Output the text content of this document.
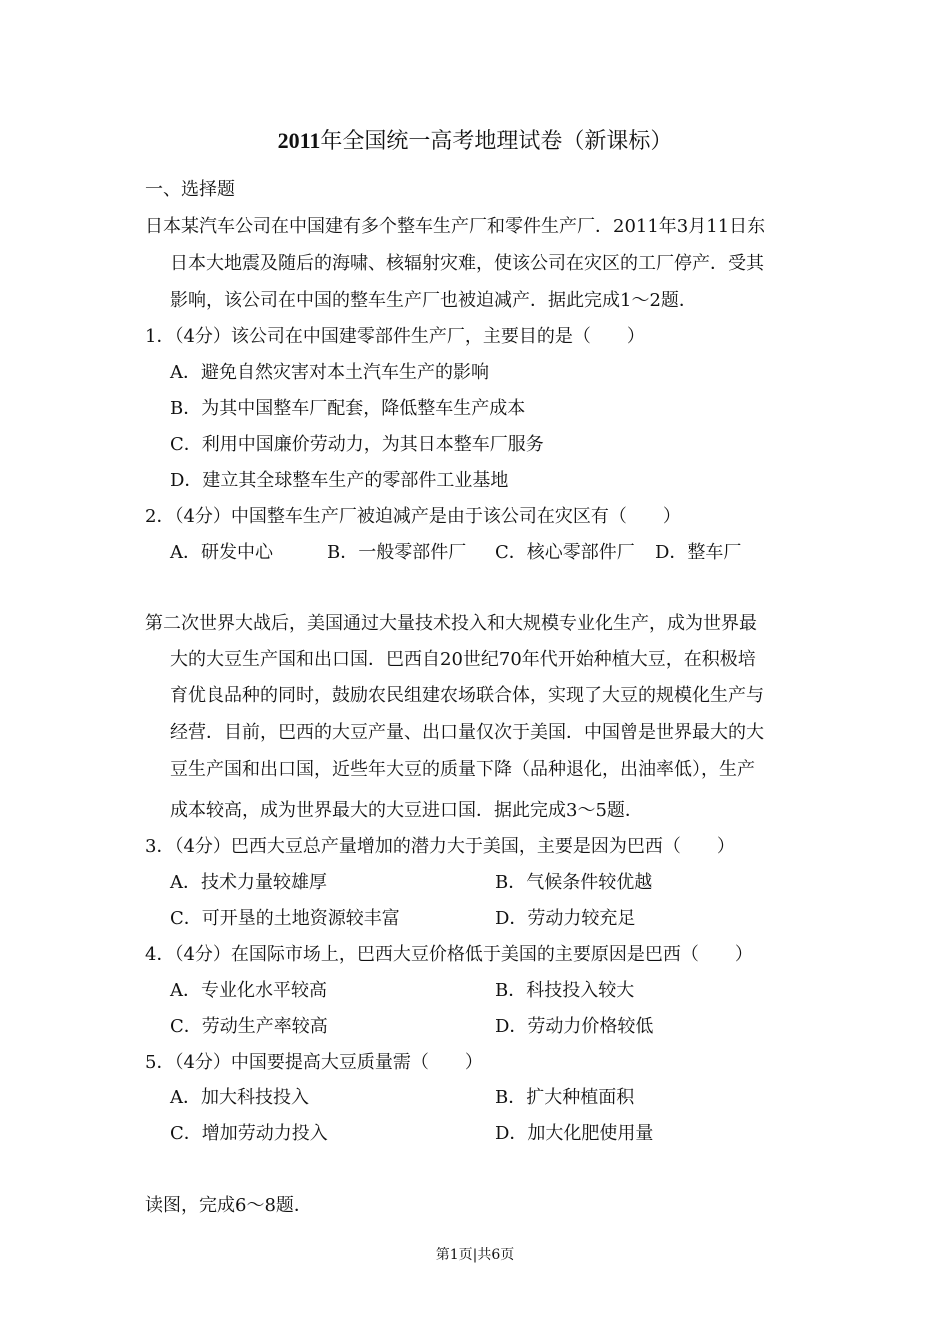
2011年全国统一高考地理试卷（新课标）
一、选择题
日本某汽车公司在中国建有多个整车生产厂和零件生产厂．2011年3月11日东
日本大地震及随后的海啸、核辐射灾难，使该公司在灾区的工厂停产．受其
影响，该公司在中国的整车生产厂也被迫减产．据此完成1～2题．
1．（4分）该公司在中国建零部件生产厂，主要目的是（　　）
A．避免自然灾害对本土汽车生产的影响
B．为其中国整车厂配套，降低整车生产成本
C．利用中国廉价劳动力，为其日本整车厂服务
D．建立其全球整车生产的零部件工业基地
2．（4分）中国整车生产厂被迫减产是由于该公司在灾区有（　　）
A．研发中心	B．一般零部件厂 C．核心零部件厂 D．整车厂
第二次世界大战后，美国通过大量技术投入和大规模专业化生产，成为世界最
大的大豆生产国和出口国．巴西自20世纪70年代开始种植大豆，在积极培
育优良品种的同时，鼓励农民组建农场联合体，实现了大豆的规模化生产与
经营．目前，巴西的大豆产量、出口量仅次于美国．中国曾是世界最大的大
豆生产国和出口国，近些年大豆的质量下降（品种退化，出油率低），生产
成本较高，成为世界最大的大豆进口国．据此完成3～5题．
3．（4分）巴西大豆总产量增加的潜力大于美国，主要是因为巴西（　　）
A．技术力量较雄厚	B．气候条件较优越
C．可开垦的土地资源较丰富	D．劳动力较充足
4．（4分）在国际市场上，巴西大豆价格低于美国的主要原因是巴西（　　）
A．专业化水平较高	B．科技投入较大
C．劳动生产率较高	D．劳动力价格较低
5．（4分）中国要提高大豆质量需（　　）
A．加大科技投入	B．扩大种植面积
C．增加劳动力投入	D．加大化肥使用量
读图，完成6～8题．
第1页|共6页
